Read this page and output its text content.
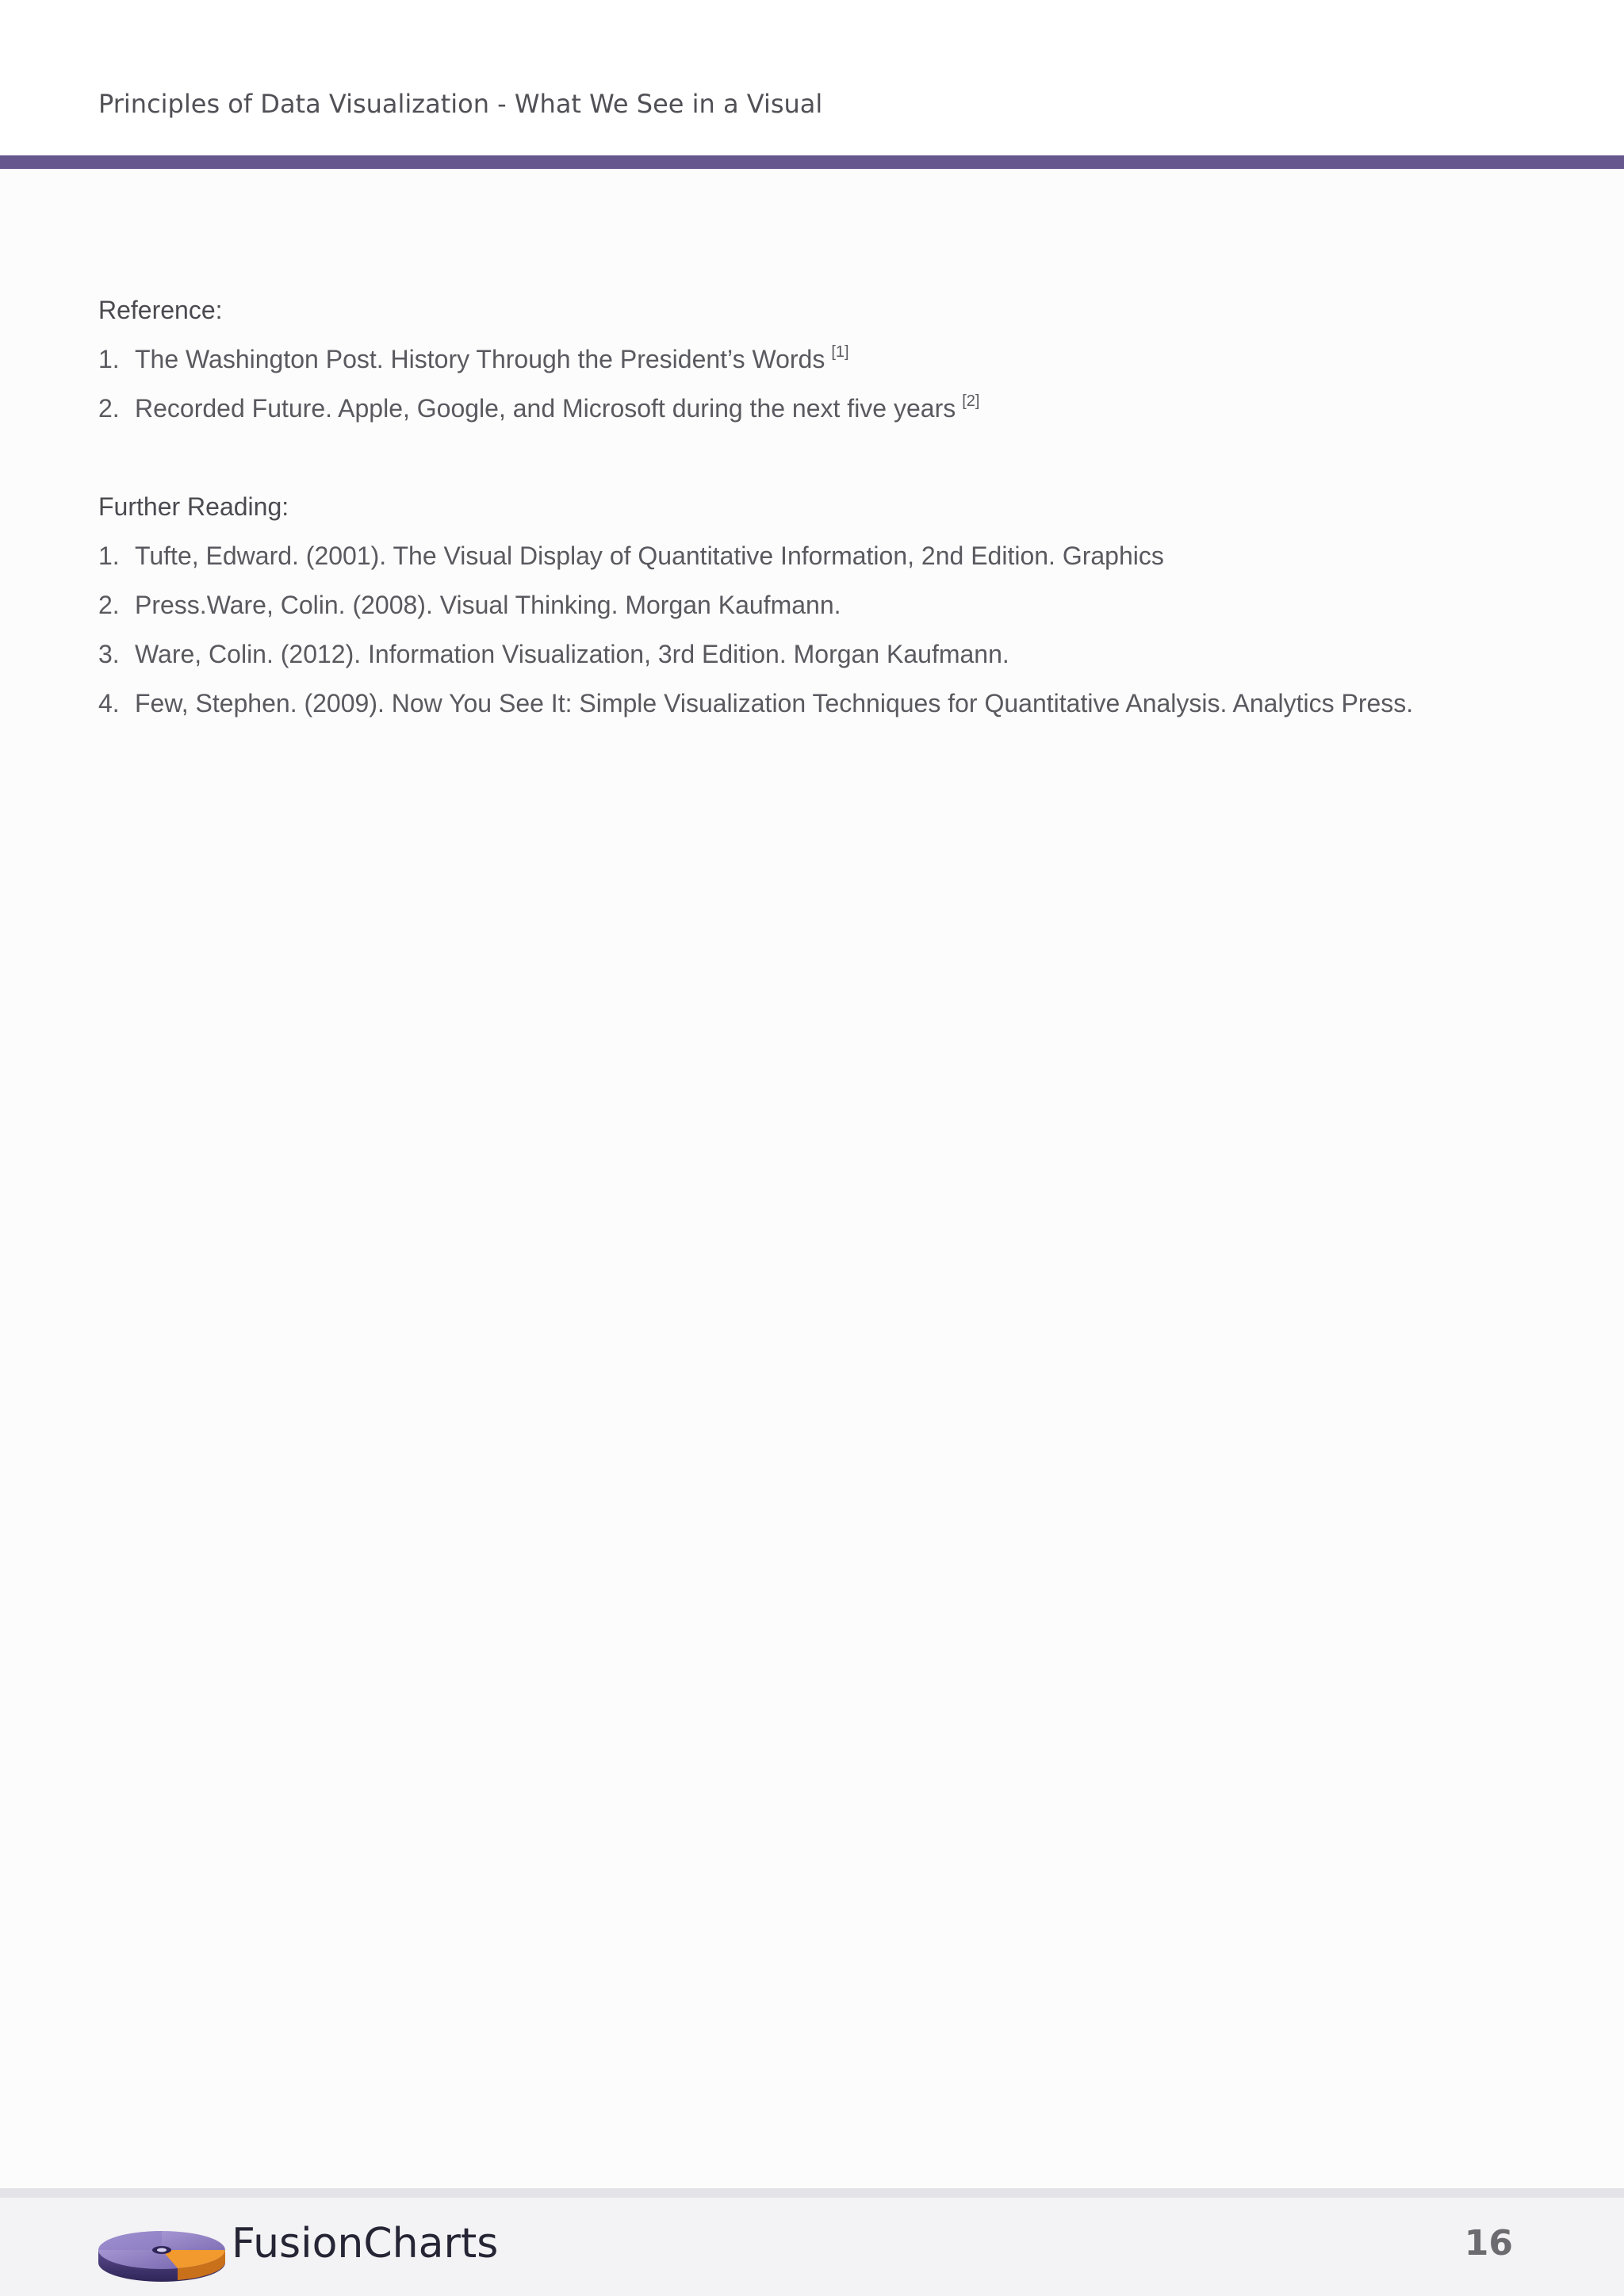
Principles of Data Visualization - What We See in a Visual
Reference:
1. The Washington Post. History Through the President’s Words [1]
2. Recorded Future. Apple, Google, and Microsoft during the next five years [2]
Further Reading:
1. Tufte, Edward. (2001). The Visual Display of Quantitative Information, 2nd Edition. Graphics
2. Press.Ware, Colin. (2008). Visual Thinking. Morgan Kaufmann.
3. Ware, Colin. (2012). Information Visualization, 3rd Edition. Morgan Kaufmann.
4. Few, Stephen. (2009). Now You See It: Simple Visualization Techniques for Quantitative Analysis. Analytics Press.
FusionCharts	16
